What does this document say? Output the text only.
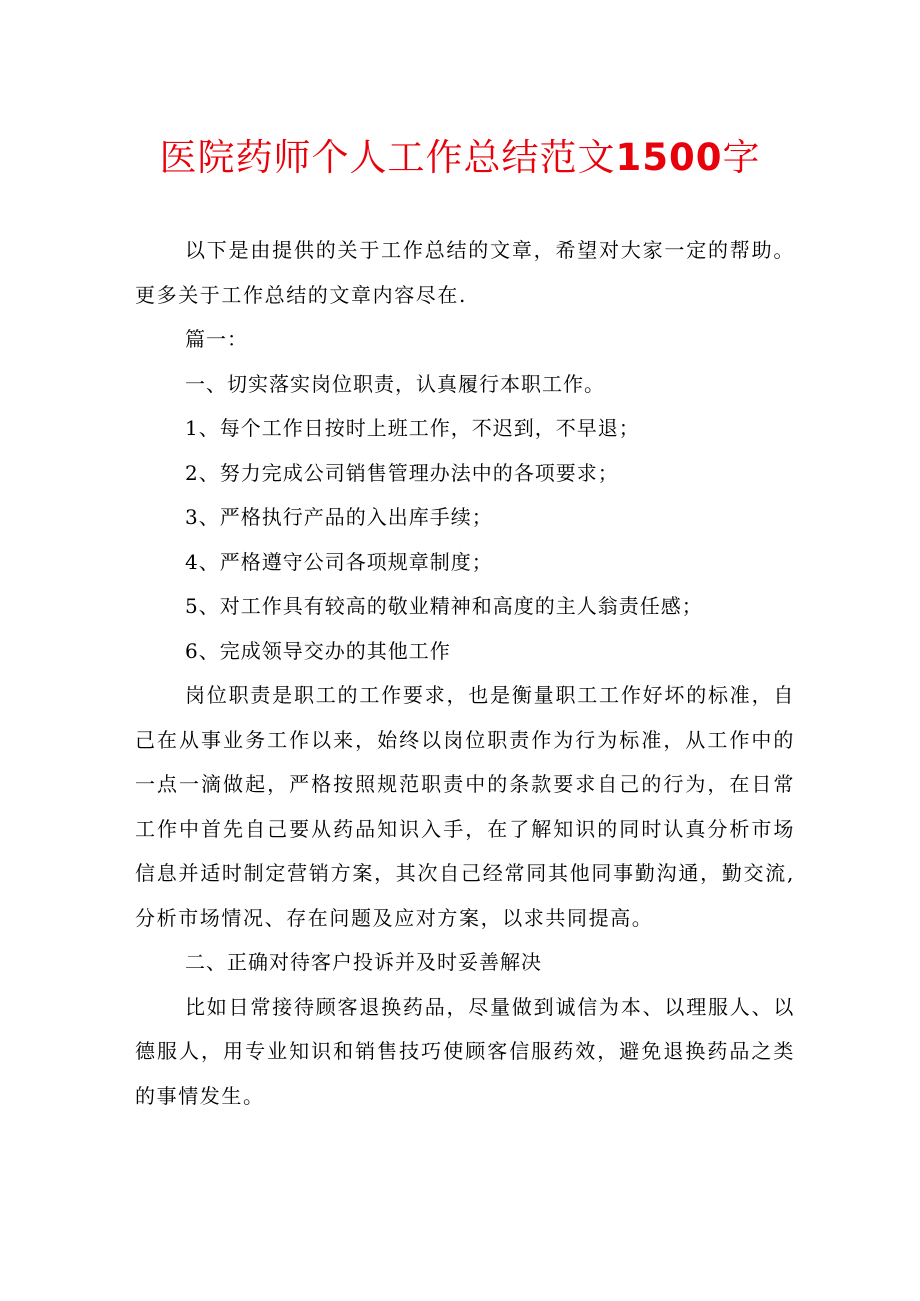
医院药师个人工作总结范文1500字

以下是由提供的关于工作总结的文章，希望对大家一定的帮助。更多关于工作总结的文章内容尽在.

篇一：

一、切实落实岗位职责，认真履行本职工作。

1、每个工作日按时上班工作，不迟到，不早退；

2、努力完成公司销售管理办法中的各项要求；

3、严格执行产品的入出库手续；

4、严格遵守公司各项规章制度；

5、对工作具有较高的敬业精神和高度的主人翁责任感；

6、完成领导交办的其他工作

岗位职责是职工的工作要求，也是衡量职工工作好坏的标准，自己在从事业务工作以来，始终以岗位职责作为行为标准，从工作中的一点一滴做起，严格按照规范职责中的条款要求自己的行为，在日常工作中首先自己要从药品知识入手，在了解知识的同时认真分析市场信息并适时制定营销方案，其次自己经常同其他同事勤沟通，勤交流,分析市场情况、存在问题及应对方案，以求共同提高。

二、正确对待客户投诉并及时妥善解决

比如日常接待顾客退换药品，尽量做到诚信为本、以理服人、以德服人，用专业知识和销售技巧使顾客信服药效，避免退换药品之类的事情发生。
